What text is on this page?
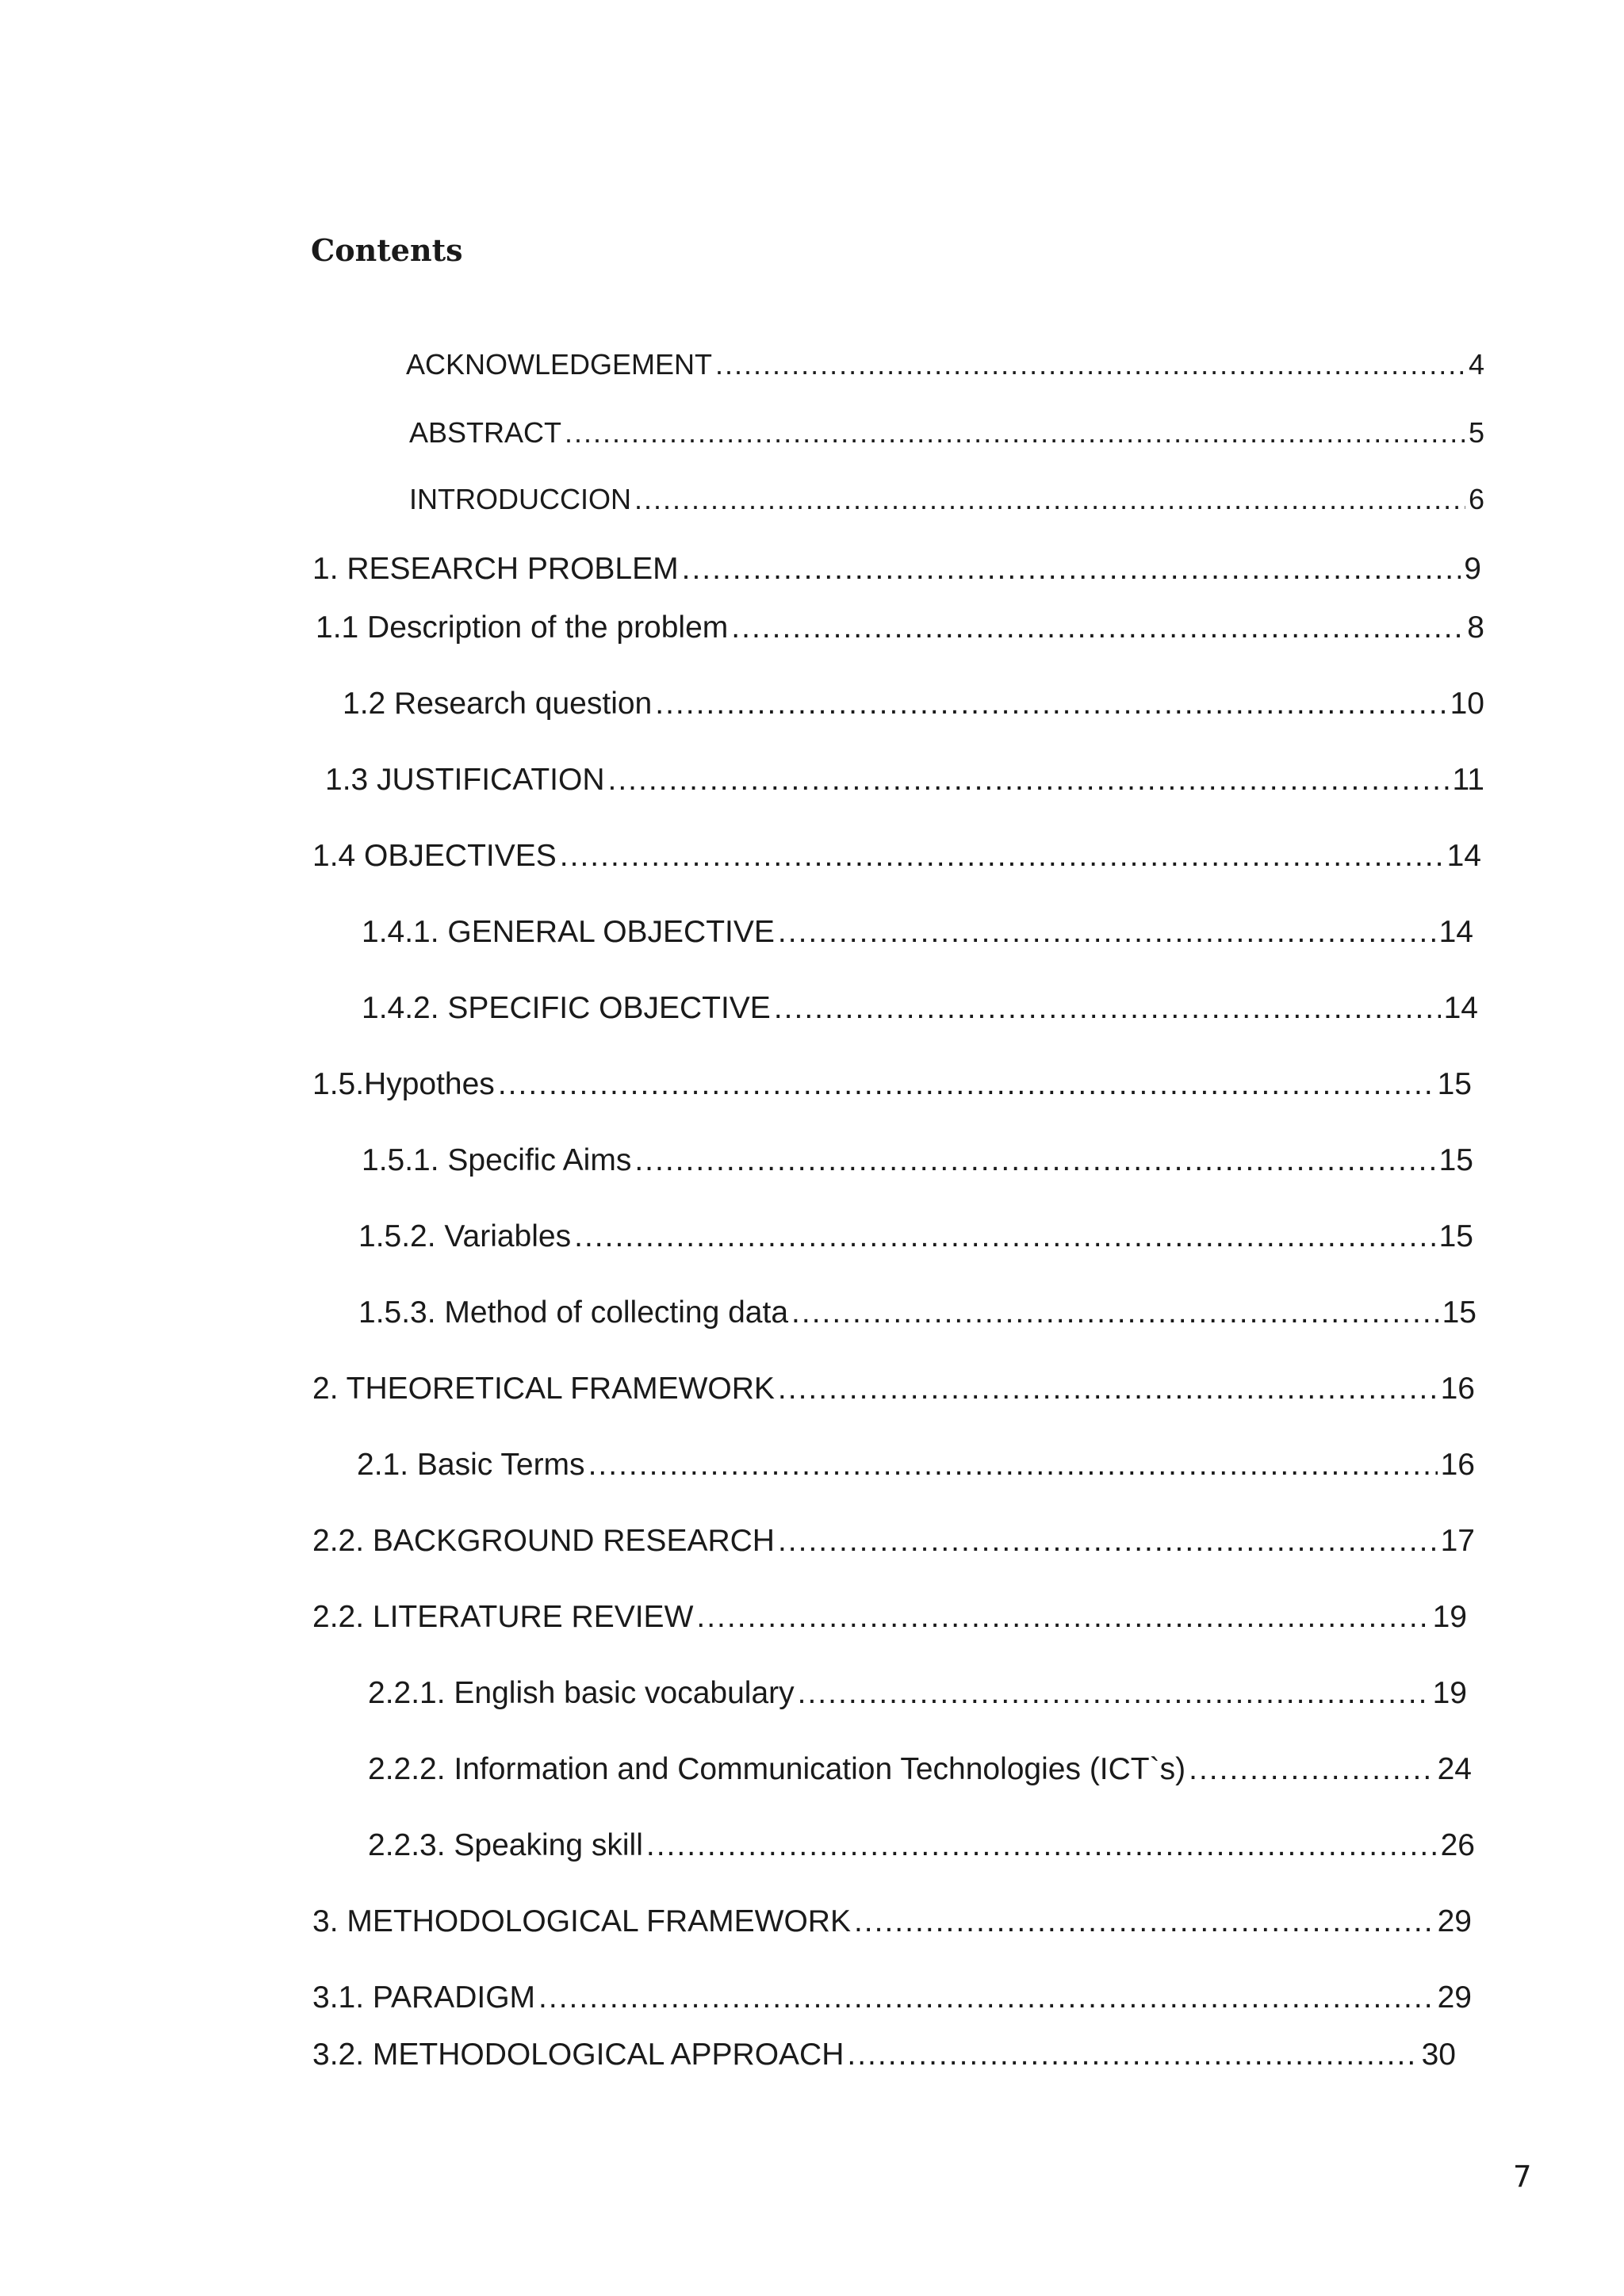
Contents
ACKNOWLEDGEMENT .....	4
ABSTRACT .....	5
INTRODUCCION .....	6
1. RESEARCH PROBLEM .....	9
1.1 Description of the problem .....	8
1.2 Research question .....	10
1.3 JUSTIFICATION .....	11
1.4 OBJECTIVES .....	14
1.4.1. GENERAL OBJECTIVE .....	14
1.4.2. SPECIFIC OBJECTIVE .....	14
1.5.Hypothes .....	15
1.5.1. Specific Aims .....	15
1.5.2. Variables .....	15
1.5.3. Method of collecting data .....	15
2. THEORETICAL FRAMEWORK .....	16
2.1. Basic Terms .....	16
2.2. BACKGROUND RESEARCH .....	17
2.2. LITERATURE REVIEW .....	19
2.2.1. English basic vocabulary .....	19
2.2.2. Information and Communication Technologies (ICT`s) .....	24
2.2.3. Speaking skill .....	26
3. METHODOLOGICAL FRAMEWORK .....	29
3.1. PARADIGM .....	29
3.2. METHODOLOGICAL APPROACH .....	30
7
